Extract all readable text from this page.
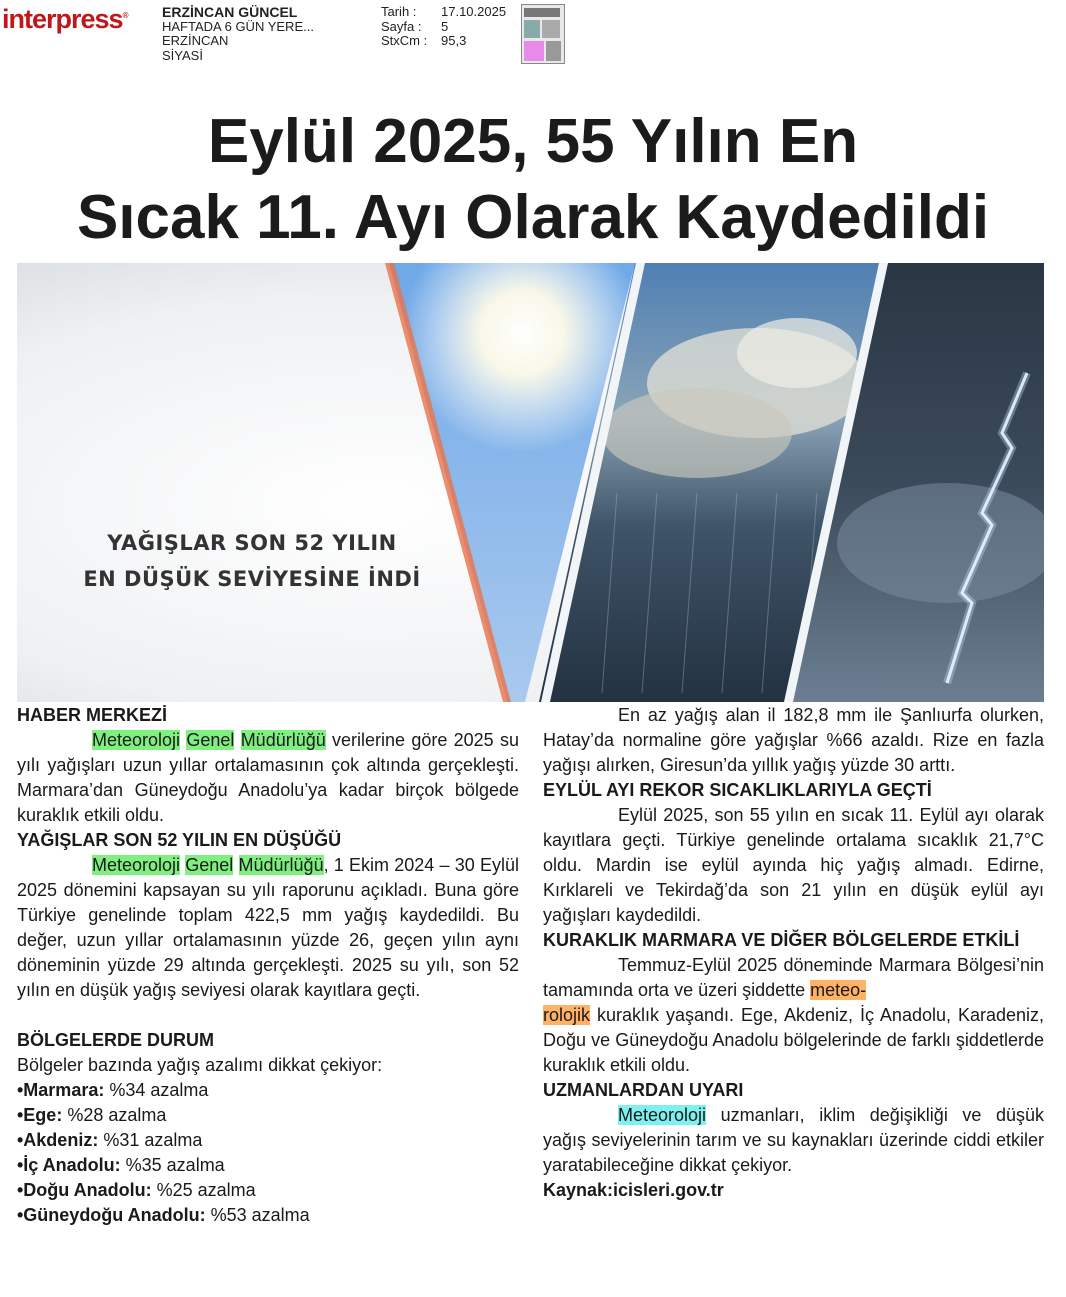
interpress® ERZİNCAN GÜNCEL
HAFTADA 6 GÜN YERE...
ERZİNCAN
SİYASİ
Tarih :	17.10.2025
Sayfa :	5
StxCm :	95,3
Eylül 2025, 55 Yılın En
Sıcak 11. Ayı Olarak Kaydedildi
YAĞIŞLAR SON 52 YILIN
EN DÜŞÜK SEVİYESİNE İNDİ

HABER MERKEZİ

Meteoroloji Genel Müdürlüğü verilerine göre 2025 su yılı yağışları uzun yıllar ortalamasının çok altında gerçekleşti. Marmara’dan Güneydoğu Anadolu’ya kadar birçok bölgede kuraklık etkili oldu.

YAĞIŞLAR SON 52 YILIN EN DÜŞÜĞÜ

Meteoroloji Genel Müdürlüğü, 1 Ekim 2024 – 30 Eylül 2025 dönemini kapsayan su yılı raporunu açıkladı. Buna göre Türkiye genelinde toplam 422,5 mm yağış kaydedildi. Bu değer, uzun yıllar ortalamasının yüzde 26, geçen yılın aynı döneminin yüzde 29 altında gerçekleşti. 2025 su yılı, son 52 yılın en düşük yağış seviyesi olarak kayıtlara geçti.

BÖLGELERDE DURUM

Bölgeler bazında yağış azalımı dikkat çekiyor:

•Marmara: %34 azalma

•Ege: %28 azalma

•Akdeniz: %31 azalma

•İç Anadolu: %35 azalma

•Doğu Anadolu: %25 azalma

•Güneydoğu Anadolu: %53 azalma

En az yağış alan il 182,8 mm ile Şanlıurfa olurken, Hatay’da normaline göre yağışlar %66 azaldı. Rize en fazla yağışı alırken, Giresun’da yıllık yağış yüzde 30 arttı.

EYLÜL AYI REKOR SICAKLIKLARIYLA GEÇTİ

Eylül 2025, son 55 yılın en sıcak 11. Eylül ayı olarak kayıtlara geçti. Türkiye genelinde ortalama sıcaklık 21,7°C oldu. Mardin ise eylül ayında hiç yağış almadı. Edirne, Kırklareli ve Tekirdağ’da son 21 yılın en düşük eylül ayı yağışları kaydedildi.

KURAKLIK MARMARA VE DİĞER BÖLGELERDE ETKİLİ

Temmuz-Eylül 2025 döneminde Marmara Bölgesi’nin tamamında orta ve üzeri şiddette meteo-
rolojik kuraklık yaşandı. Ege, Akdeniz, İç Anadolu, Karadeniz, Doğu ve Güneydoğu Anadolu bölgelerinde de farklı şiddetlerde kuraklık etkili oldu.

UZMANLARDAN UYARI

Meteoroloji uzmanları, iklim değişikliği ve düşük yağış seviyelerinin tarım ve su kaynakları üzerinde ciddi etkiler yaratabileceğine dikkat çekiyor.

Kaynak:icisleri.gov.tr
